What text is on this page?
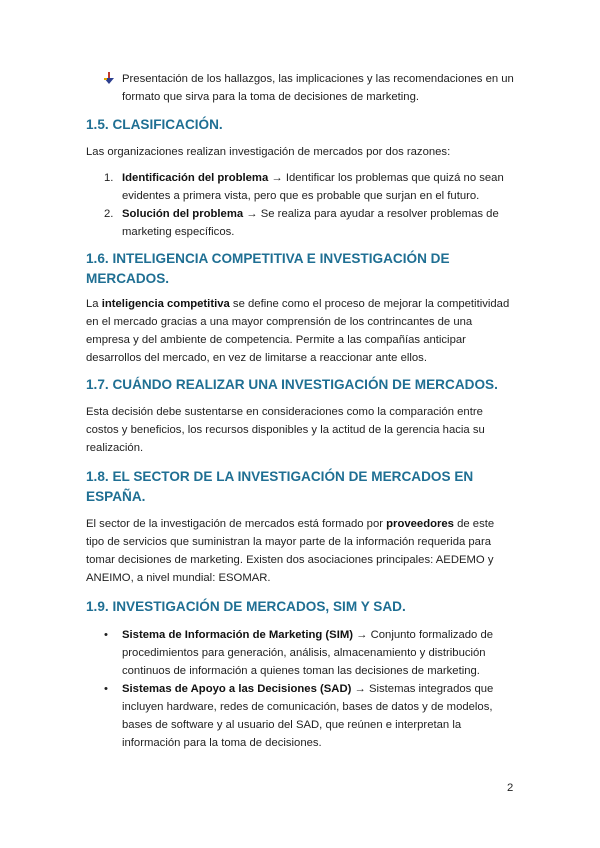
Presentación de los hallazgos, las implicaciones y las recomendaciones en un formato que sirva para la toma de decisiones de marketing.
1.5. CLASIFICACIÓN.

Las organizaciones realizan investigación de mercados por dos razones:

1. Identificación del problema → Identificar los problemas que quizá no sean evidentes a primera vista, pero que es probable que surjan en el futuro.
2. Solución del problema → Se realiza para ayudar a resolver problemas de marketing específicos.
1.6. INTELIGENCIA COMPETITIVA E INVESTIGACIÓN DE MERCADOS.

La inteligencia competitiva se define como el proceso de mejorar la competitividad en el mercado gracias a una mayor comprensión de los contrincantes de una empresa y del ambiente de competencia. Permite a las compañías anticipar desarrollos del mercado, en vez de limitarse a reaccionar ante ellos.

1.7. CUÁNDO REALIZAR UNA INVESTIGACIÓN DE MERCADOS.

Esta decisión debe sustentarse en consideraciones como la comparación entre costos y beneficios, los recursos disponibles y la actitud de la gerencia hacia su realización.

1.8. EL SECTOR DE LA INVESTIGACIÓN DE MERCADOS EN ESPAÑA.

El sector de la investigación de mercados está formado por proveedores de este tipo de servicios que suministran la mayor parte de la información requerida para tomar decisiones de marketing. Existen dos asociaciones principales: AEDEMO y ANEIMO, a nivel mundial: ESOMAR.

1.9. INVESTIGACIÓN DE MERCADOS, SIM Y SAD.
• Sistema de Información de Marketing (SIM) → Conjunto formalizado de procedimientos para generación, análisis, almacenamiento y distribución continuos de información a quienes toman las decisiones de marketing.
• Sistemas de Apoyo a las Decisiones (SAD) → Sistemas integrados que incluyen hardware, redes de comunicación, bases de datos y de modelos, bases de software y al usuario del SAD, que reúnen e interpretan la información para la toma de decisiones.
2
